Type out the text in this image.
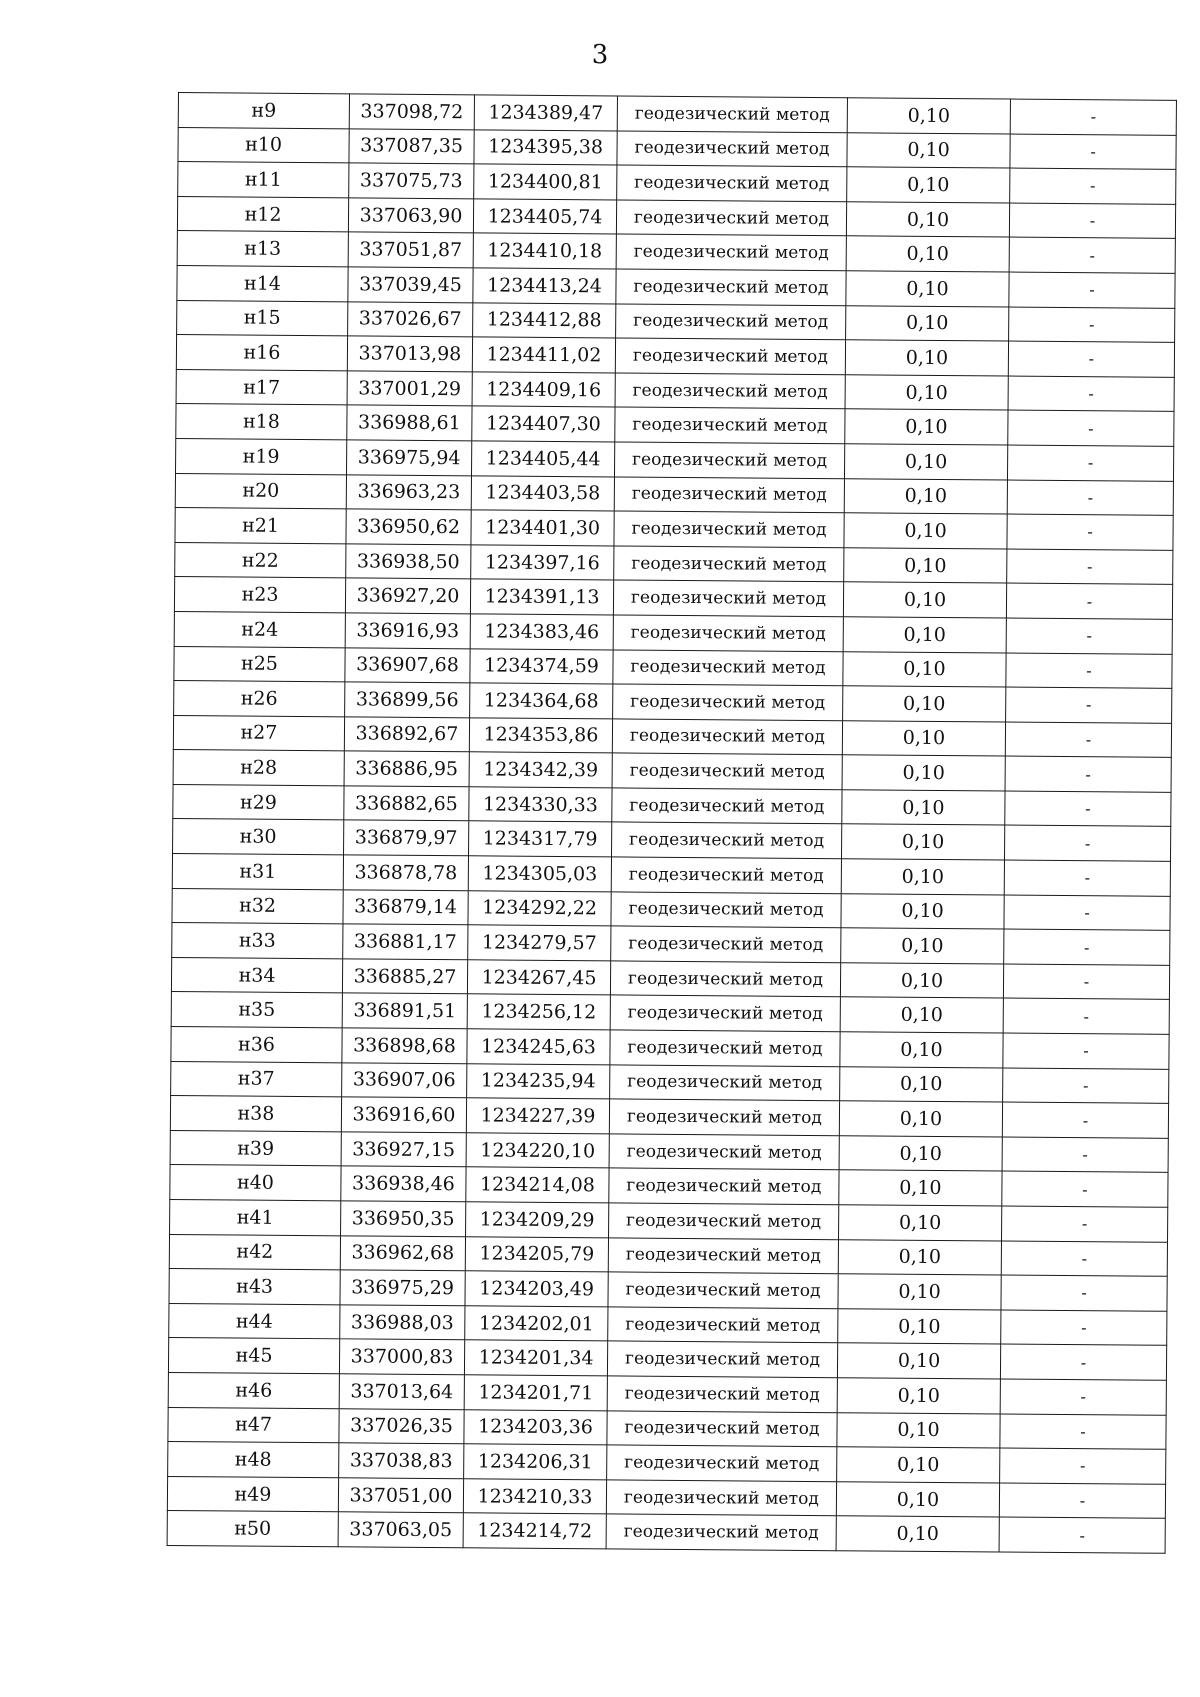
3
н9	337098,72	1234389,47	геодезический метод	0,10	-
н10	337087,35	1234395,38	геодезический метод	0,10	-
н11	337075,73	1234400,81	геодезический метод	0,10	-
н12	337063,90	1234405,74	геодезический метод	0,10	-
н13	337051,87	1234410,18	геодезический метод	0,10	-
н14	337039,45	1234413,24	геодезический метод	0,10	-
н15	337026,67	1234412,88	геодезический метод	0,10	-
н16	337013,98	1234411,02	геодезический метод	0,10	-
н17	337001,29	1234409,16	геодезический метод	0,10	-
н18	336988,61	1234407,30	геодезический метод	0,10	-
н19	336975,94	1234405,44	геодезический метод	0,10	-
н20	336963,23	1234403,58	геодезический метод	0,10	-
н21	336950,62	1234401,30	геодезический метод	0,10	-
н22	336938,50	1234397,16	геодезический метод	0,10	-
н23	336927,20	1234391,13	геодезический метод	0,10	-
н24	336916,93	1234383,46	геодезический метод	0,10	-
н25	336907,68	1234374,59	геодезический метод	0,10	-
н26	336899,56	1234364,68	геодезический метод	0,10	-
н27	336892,67	1234353,86	геодезический метод	0,10	-
н28	336886,95	1234342,39	геодезический метод	0,10	-
н29	336882,65	1234330,33	геодезический метод	0,10	-
н30	336879,97	1234317,79	геодезический метод	0,10	-
н31	336878,78	1234305,03	геодезический метод	0,10	-
н32	336879,14	1234292,22	геодезический метод	0,10	-
н33	336881,17	1234279,57	геодезический метод	0,10	-
н34	336885,27	1234267,45	геодезический метод	0,10	-
н35	336891,51	1234256,12	геодезический метод	0,10	-
н36	336898,68	1234245,63	геодезический метод	0,10	-
н37	336907,06	1234235,94	геодезический метод	0,10	-
н38	336916,60	1234227,39	геодезический метод	0,10	-
н39	336927,15	1234220,10	геодезический метод	0,10	-
н40	336938,46	1234214,08	геодезический метод	0,10	-
н41	336950,35	1234209,29	геодезический метод	0,10	-
н42	336962,68	1234205,79	геодезический метод	0,10	-
н43	336975,29	1234203,49	геодезический метод	0,10	-
н44	336988,03	1234202,01	геодезический метод	0,10	-
н45	337000,83	1234201,34	геодезический метод	0,10	-
н46	337013,64	1234201,71	геодезический метод	0,10	-
н47	337026,35	1234203,36	геодезический метод	0,10	-
н48	337038,83	1234206,31	геодезический метод	0,10	-
н49	337051,00	1234210,33	геодезический метод	0,10	-
н50	337063,05	1234214,72	геодезический метод	0,10	-
